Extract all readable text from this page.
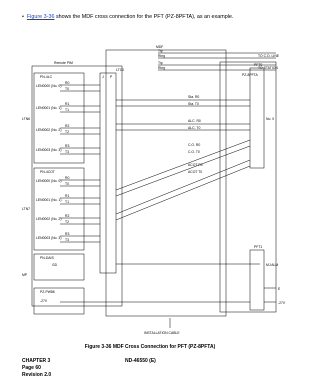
• Figure 3-36 shows the MDF cross connection for the PFT (PZ-8PFTA), as an example.
MDF
Tip
Ring
Tip
Ring
TO C.O. LINE
TO STATION
PZ-8PFTA
Remote PIM
LTC0
J P
PN-4LC
LTN6
LTN7
PN-4COT
PN-DAIS
GD
MP
PZ-PW86
-27V
PFT0
PFT1
Sta. R0
Sta. T0
ALC. R0
ALC. T0
C.O. R0
C.O. T0
ACOT R0
ACOT T0
No. 0
MJ ALM
E
-27V
INSTALLATION CABLE
R0
T0
R1
T1
R2
T2
R3
T3
R0
T0
R1
T1
R2
T2
R3
T3
LEN0000 (No. 0)
LEN0001 (No. 1)
LEN0002 (No. 2)
LEN0003 (No. 3)
LEN0000 (No. 0)
LEN0001 (No. 1)
LEN0002 (No. 2)
LEN0003 (No. 3)
Figure 3-36 MDF Cross Connection for PFT (PZ-8PFTA)
CHAPTER 3
Page 60
Revision 2.0
ND-46550 (E)
